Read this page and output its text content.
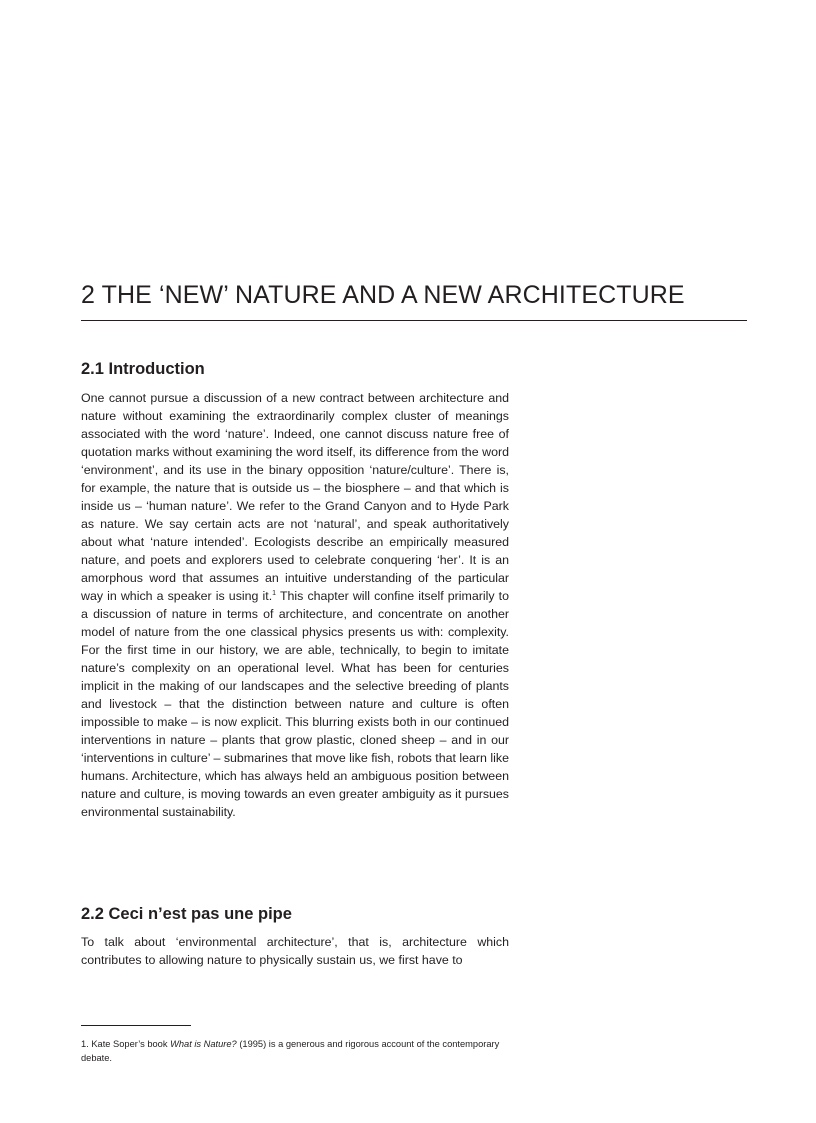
2 THE ‘NEW’ NATURE AND A NEW ARCHITECTURE
2.1 Introduction

One cannot pursue a discussion of a new contract between architecture and nature without examining the extraordinarily complex cluster of meanings associated with the word ‘nature’. Indeed, one cannot discuss nature free of quotation marks without examining the word itself, its difference from the word ‘environment’, and its use in the binary opposition ‘nature/culture’. There is, for example, the nature that is outside us – the biosphere – and that which is inside us – ‘human nature’. We refer to the Grand Canyon and to Hyde Park as nature. We say certain acts are not ‘natural’, and speak authoritatively about what ‘nature intended’. Ecologists describe an empirically measured nature, and poets and explorers used to celebrate conquering ‘her’. It is an amorphous word that assumes an intuitive understanding of the particular way in which a speaker is using it.$^1$ This chapter will confine itself primarily to a discussion of nature in terms of architecture, and concentrate on another model of nature from the one classical physics presents us with: complexity. For the first time in our history, we are able, technically, to begin to imitate nature’s complexity on an operational level. What has been for centuries implicit in the making of our landscapes and the selective breeding of plants and livestock – that the distinction between nature and culture is often impossible to make – is now explicit. This blurring exists both in our continued interventions in nature – plants that grow plastic, cloned sheep – and in our ‘interventions in culture’ – submarines that move like fish, robots that learn like humans. Architecture, which has always held an ambiguous position between nature and culture, is moving towards an even greater ambiguity as it pursues environmental sustainability.

2.2 Ceci n’est pas une pipe

To talk about ‘environmental architecture’, that is, architecture which contributes to allowing nature to physically sustain us, we first have to

1. Kate Soper’s book What is Nature? (1995) is a generous and rigorous account of the contemporary debate.
